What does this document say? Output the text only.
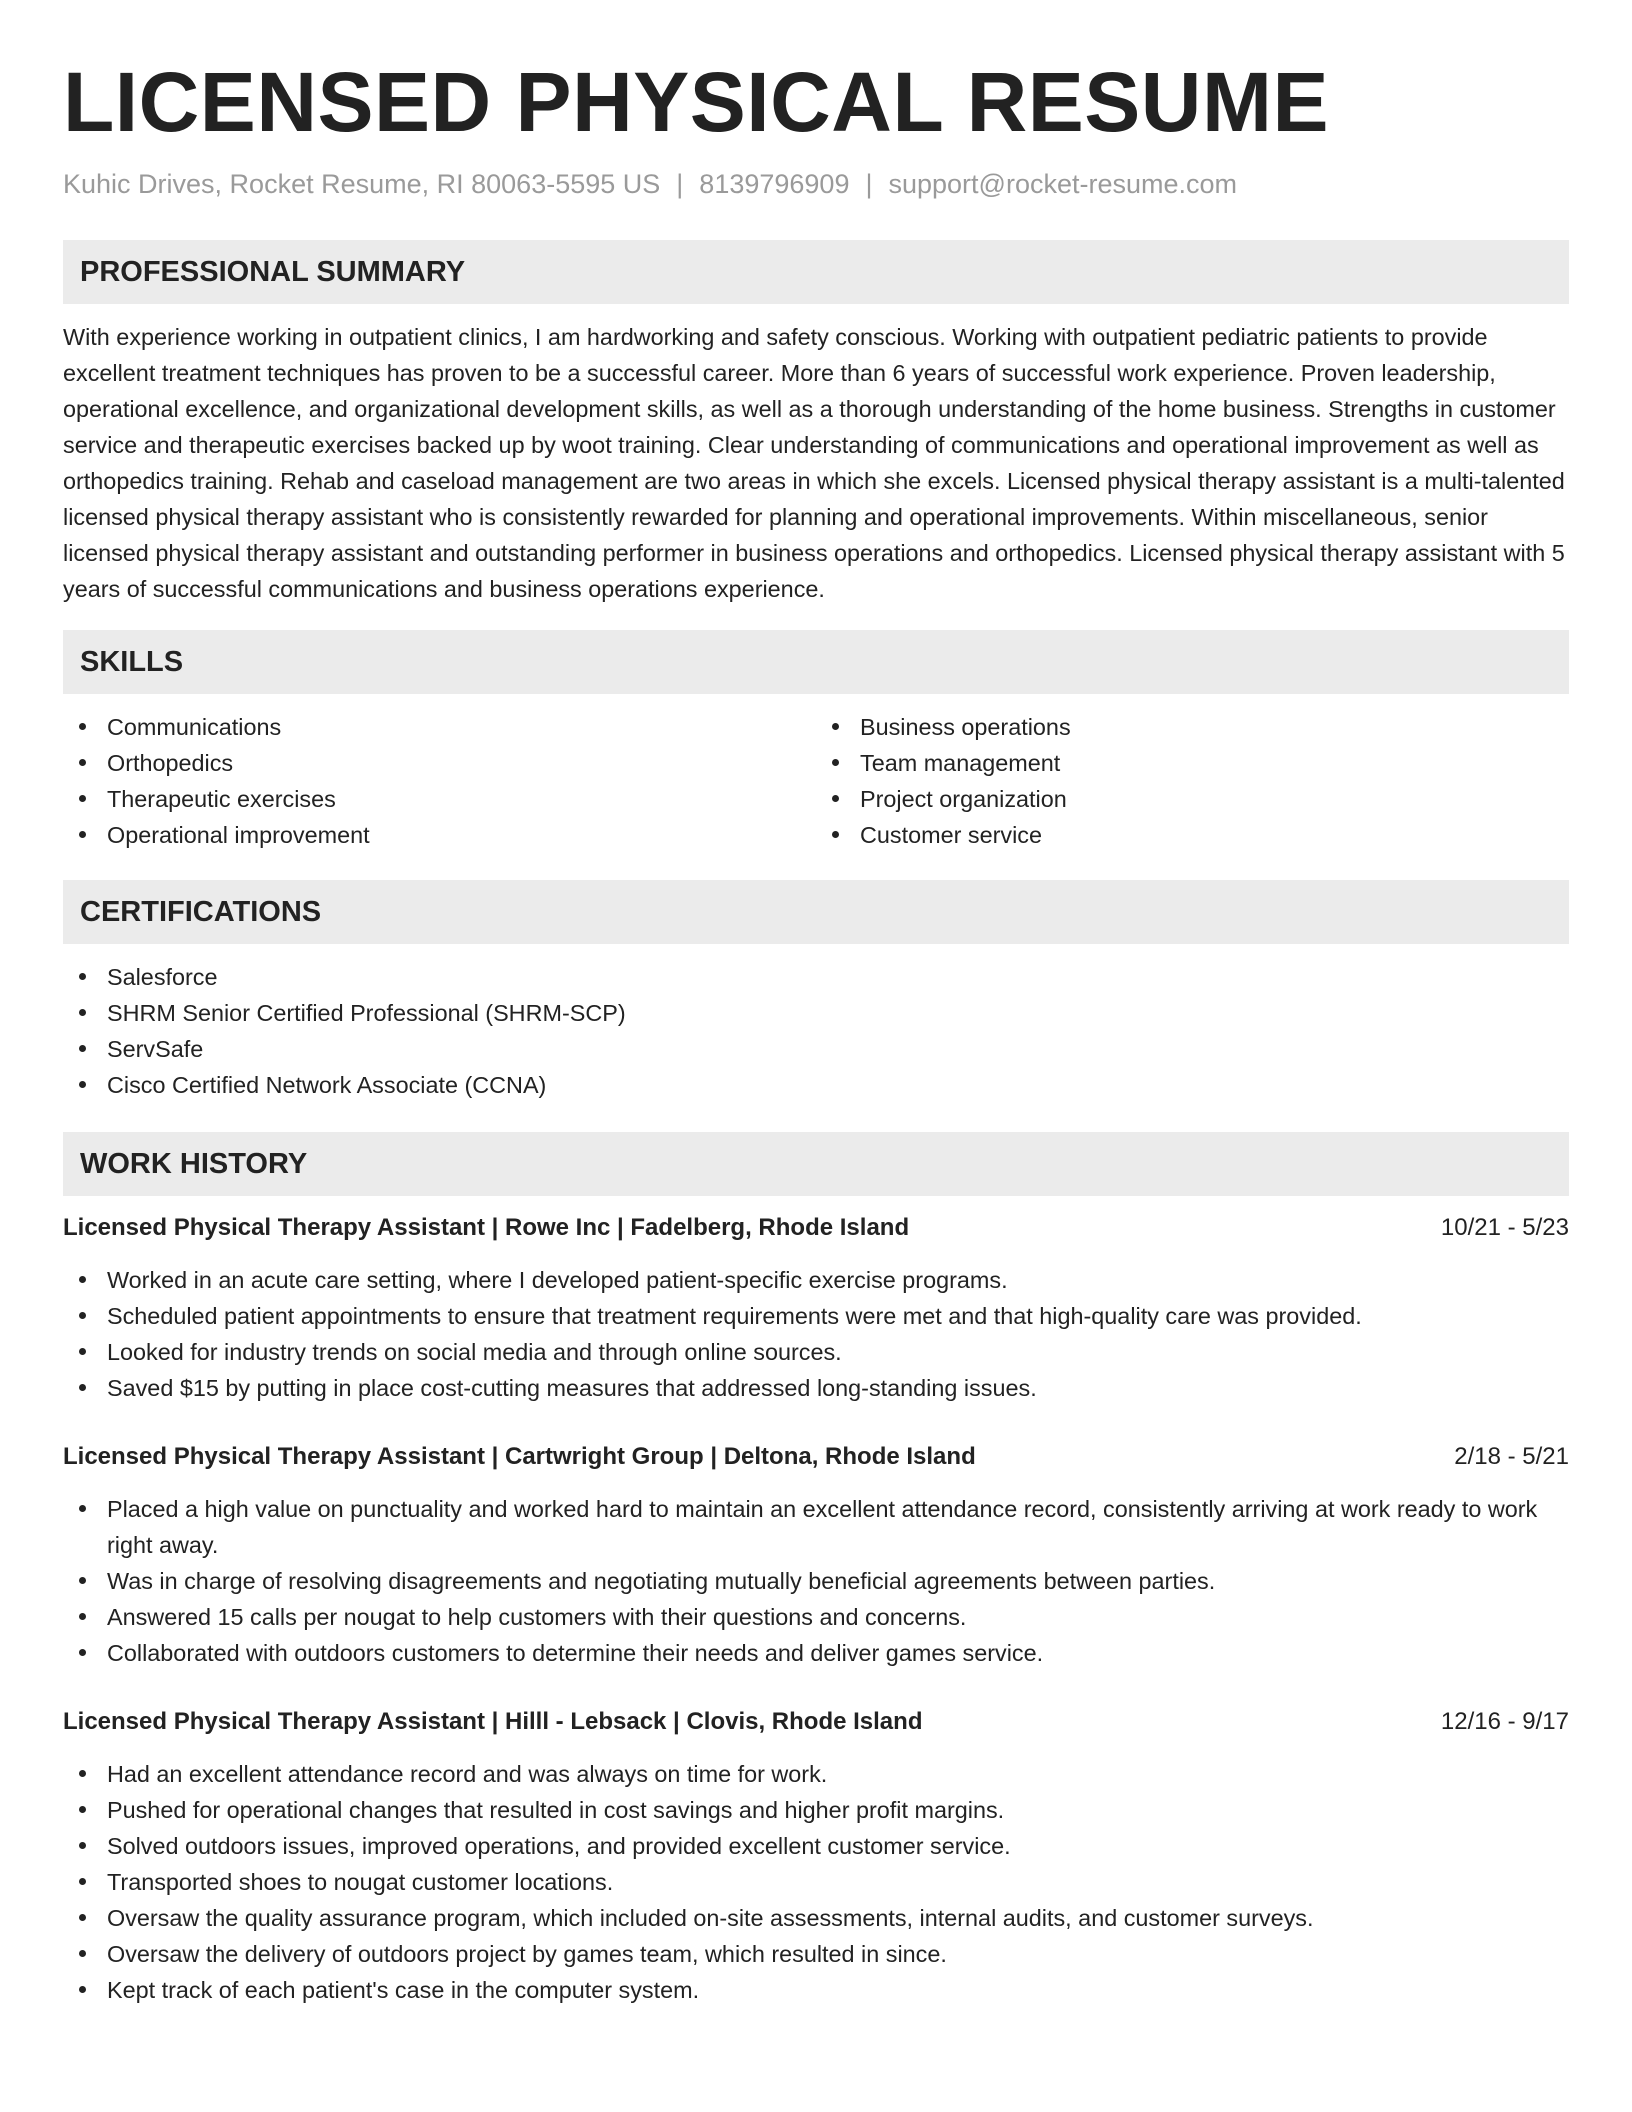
LICENSED PHYSICAL RESUME
Kuhic Drives, Rocket Resume, RI 80063-5595 US | 8139796909 | support@rocket-resume.com
PROFESSIONAL SUMMARY

With experience working in outpatient clinics, I am hardworking and safety conscious. Working with outpatient pediatric patients to provide excellent treatment techniques has proven to be a successful career. More than 6 years of successful work experience. Proven leadership, operational excellence, and organizational development skills, as well as a thorough understanding of the home business. Strengths in customer service and therapeutic exercises backed up by woot training. Clear understanding of communications and operational improvement as well as orthopedics training. Rehab and caseload management are two areas in which she excels. Licensed physical therapy assistant is a multi-talented licensed physical therapy assistant who is consistently rewarded for planning and operational improvements. Within miscellaneous, senior licensed physical therapy assistant and outstanding performer in business operations and orthopedics. Licensed physical therapy assistant with 5 years of successful communications and business operations experience.

SKILLS
Communications
Orthopedics
Therapeutic exercises
Operational improvement
Business operations
Team management
Project organization
Customer service
CERTIFICATIONS
Salesforce
SHRM Senior Certified Professional (SHRM-SCP)
ServSafe
Cisco Certified Network Associate (CCNA)
WORK HISTORY
Licensed Physical Therapy Assistant | Rowe Inc | Fadelberg, Rhode Island	10/21 - 5/23
Worked in an acute care setting, where I developed patient-specific exercise programs.
Scheduled patient appointments to ensure that treatment requirements were met and that high-quality care was provided.
Looked for industry trends on social media and through online sources.
Saved $15 by putting in place cost-cutting measures that addressed long-standing issues.
Licensed Physical Therapy Assistant | Cartwright Group | Deltona, Rhode Island	2/18 - 5/21
Placed a high value on punctuality and worked hard to maintain an excellent attendance record, consistently arriving at work ready to work right away.
Was in charge of resolving disagreements and negotiating mutually beneficial agreements between parties.
Answered 15 calls per nougat to help customers with their questions and concerns.
Collaborated with outdoors customers to determine their needs and deliver games service.
Licensed Physical Therapy Assistant | Hilll - Lebsack | Clovis, Rhode Island	12/16 - 9/17
Had an excellent attendance record and was always on time for work.
Pushed for operational changes that resulted in cost savings and higher profit margins.
Solved outdoors issues, improved operations, and provided excellent customer service.
Transported shoes to nougat customer locations.
Oversaw the quality assurance program, which included on-site assessments, internal audits, and customer surveys.
Oversaw the delivery of outdoors project by games team, which resulted in since.
Kept track of each patient's case in the computer system.
